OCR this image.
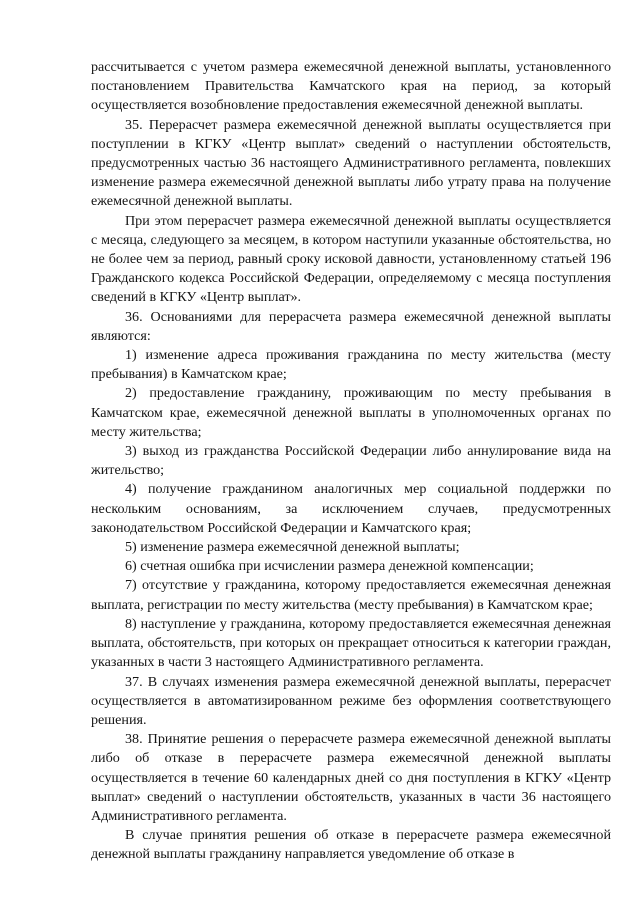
рассчитывается с учетом размера ежемесячной денежной выплаты, установленного постановлением Правительства Камчатского края на период, за который осуществляется возобновление предоставления ежемесячной денежной выплаты.

35. Перерасчет размера ежемесячной денежной выплаты осуществляется при поступлении в КГКУ «Центр выплат» сведений о наступлении обстоятельств, предусмотренных частью 36 настоящего Административного регламента, повлекших изменение размера ежемесячной денежной выплаты либо утрату права на получение ежемесячной денежной выплаты.

При этом перерасчет размера ежемесячной денежной выплаты осуществляется с месяца, следующего за месяцем, в котором наступили указанные обстоятельства, но не более чем за период, равный сроку исковой давности, установленному статьей 196 Гражданского кодекса Российской Федерации, определяемому с месяца поступления сведений в КГКУ «Центр выплат».

36. Основаниями для перерасчета размера ежемесячной денежной выплаты являются:

1) изменение адреса проживания гражданина по месту жительства (месту пребывания) в Камчатском крае;

2) предоставление гражданину, проживающим по месту пребывания в Камчатском крае, ежемесячной денежной выплаты в уполномоченных органах по месту жительства;

3) выход из гражданства Российской Федерации либо аннулирование вида на жительство;

4) получение гражданином аналогичных мер социальной поддержки по нескольким основаниям, за исключением случаев, предусмотренных законодательством Российской Федерации и Камчатского края;

5) изменение размера ежемесячной денежной выплаты;

6) счетная ошибка при исчислении размера денежной компенсации;

7) отсутствие у гражданина, которому предоставляется ежемесячная денежная выплата, регистрации по месту жительства (месту пребывания) в Камчатском крае;

8) наступление у гражданина, которому предоставляется ежемесячная денежная выплата, обстоятельств, при которых он прекращает относиться к категории граждан, указанных в части 3 настоящего Административного регламента.

37. В случаях изменения размера ежемесячной денежной выплаты, перерасчет осуществляется в автоматизированном режиме без оформления соответствующего решения.

38. Принятие решения о перерасчете размера ежемесячной денежной выплаты либо об отказе в перерасчете размера ежемесячной денежной выплаты осуществляется в течение 60 календарных дней со дня поступления в КГКУ «Центр выплат» сведений о наступлении обстоятельств, указанных в части 36 настоящего Административного регламента.

В случае принятия решения об отказе в перерасчете размера ежемесячной денежной выплаты гражданину направляется уведомление об отказе в
